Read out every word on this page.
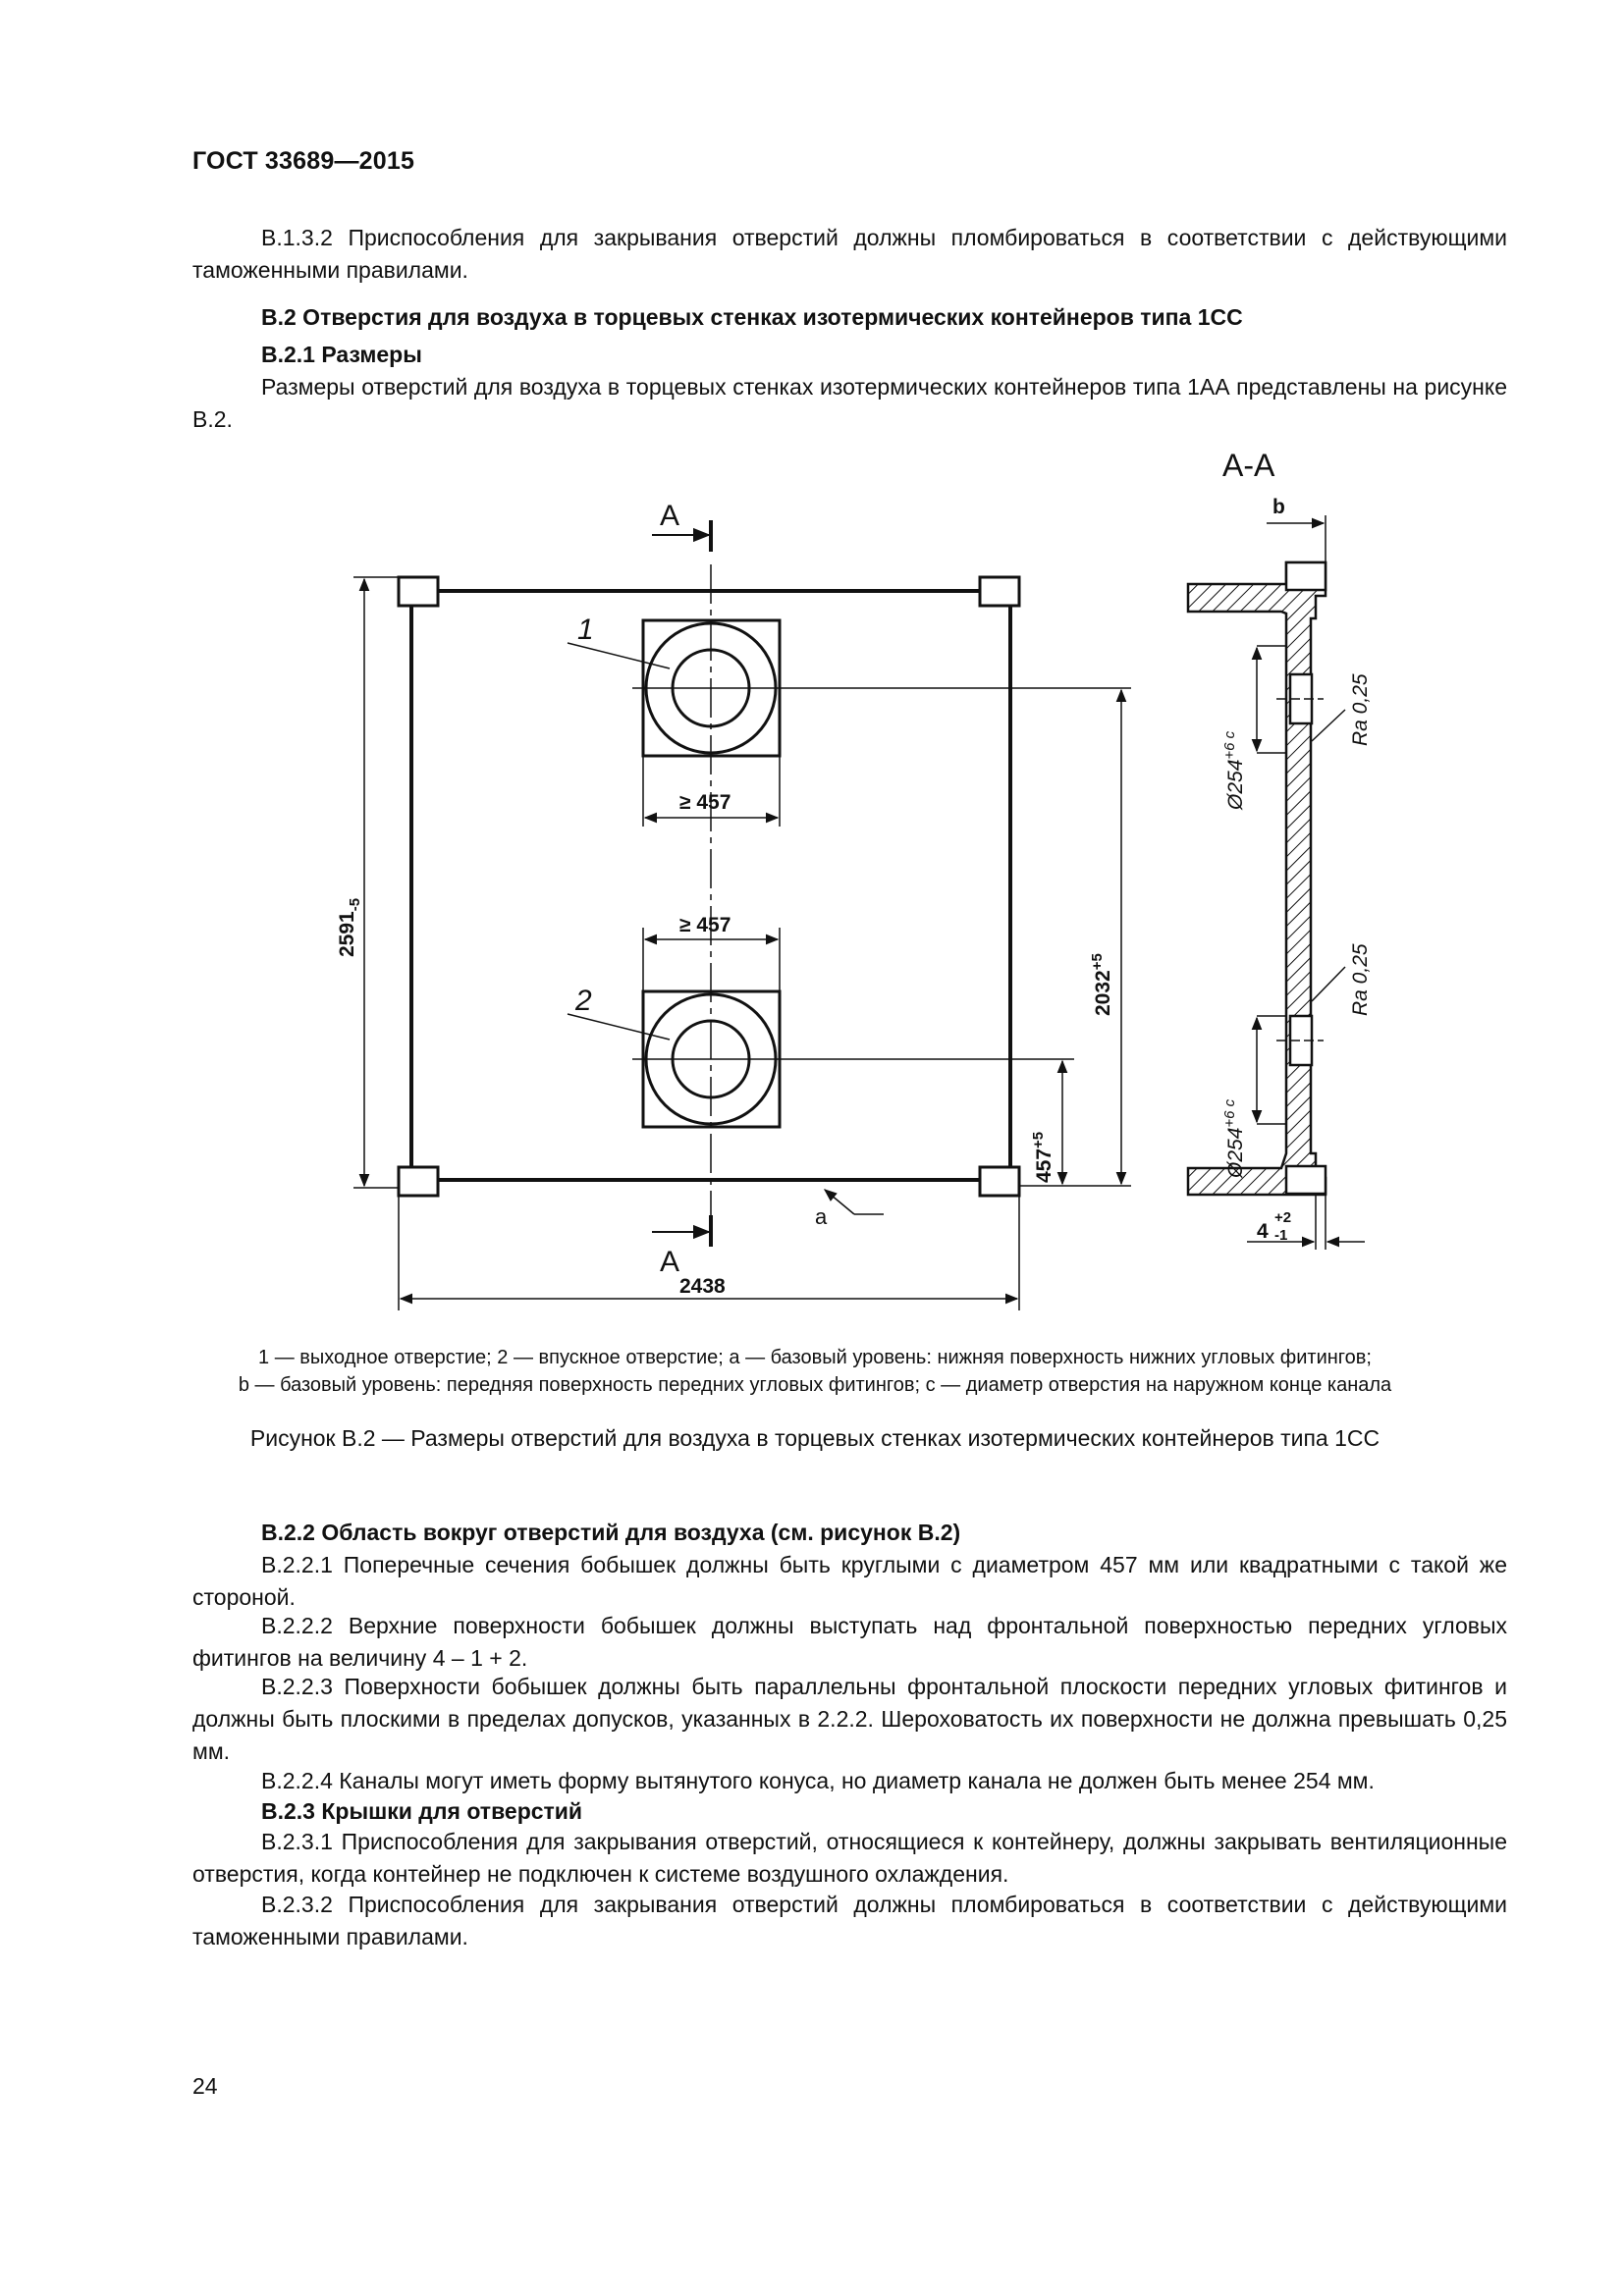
ГОСТ 33689—2015
В.1.3.2 Приспособления для закрывания отверстий должны пломбироваться в соответствии с действующими таможенными правилами.
В.2 Отверстия для воздуха в торцевых стенках изотермических контейнеров типа 1СС
В.2.1 Размеры
Размеры отверстий для воздуха в торцевых стенках изотермических контейнеров типа 1АА представлены на рисунке В.2.
А
А
1
2
a
≥ 457
≥ 457
2438
$2591_{-5}$
$2032^{+5}$
$457^{+5}$
А-А
b
$Ø254^{+6 c}$
$Ø254^{+6 c}$
Ra 0,25
Ra 0,25
4
+2
-1
1 — выходное отверстие; 2 — впускное отверстие; a — базовый уровень: нижняя поверхность нижних угловых фитингов;
b — базовый уровень: передняя поверхность передних угловых фитингов; c — диаметр отверстия на наружном конце канала
Рисунок В.2 — Размеры отверстий для воздуха в торцевых стенках изотермических контейнеров типа 1СС
В.2.2 Область вокруг отверстий для воздуха (см. рисунок В.2)
В.2.2.1 Поперечные сечения бобышек должны быть круглыми с диаметром 457 мм или квадратными с такой же стороной.
В.2.2.2 Верхние поверхности бобышек должны выступать над фронтальной поверхностью передних угловых фитингов на величину 4 – 1 + 2.
В.2.2.3 Поверхности бобышек должны быть параллельны фронтальной плоскости передних угловых фитингов и должны быть плоскими в пределах допусков, указанных в 2.2.2. Шероховатость их поверхности не должна превышать 0,25 мм.
В.2.2.4 Каналы могут иметь форму вытянутого конуса, но диаметр канала не должен быть менее 254 мм.
В.2.3 Крышки для отверстий
В.2.3.1 Приспособления для закрывания отверстий, относящиеся к контейнеру, должны закрывать вентиляционные отверстия, когда контейнер не подключен к системе воздушного охлаждения.
В.2.3.2 Приспособления для закрывания отверстий должны пломбироваться в соответствии с действующими таможенными правилами.
24
